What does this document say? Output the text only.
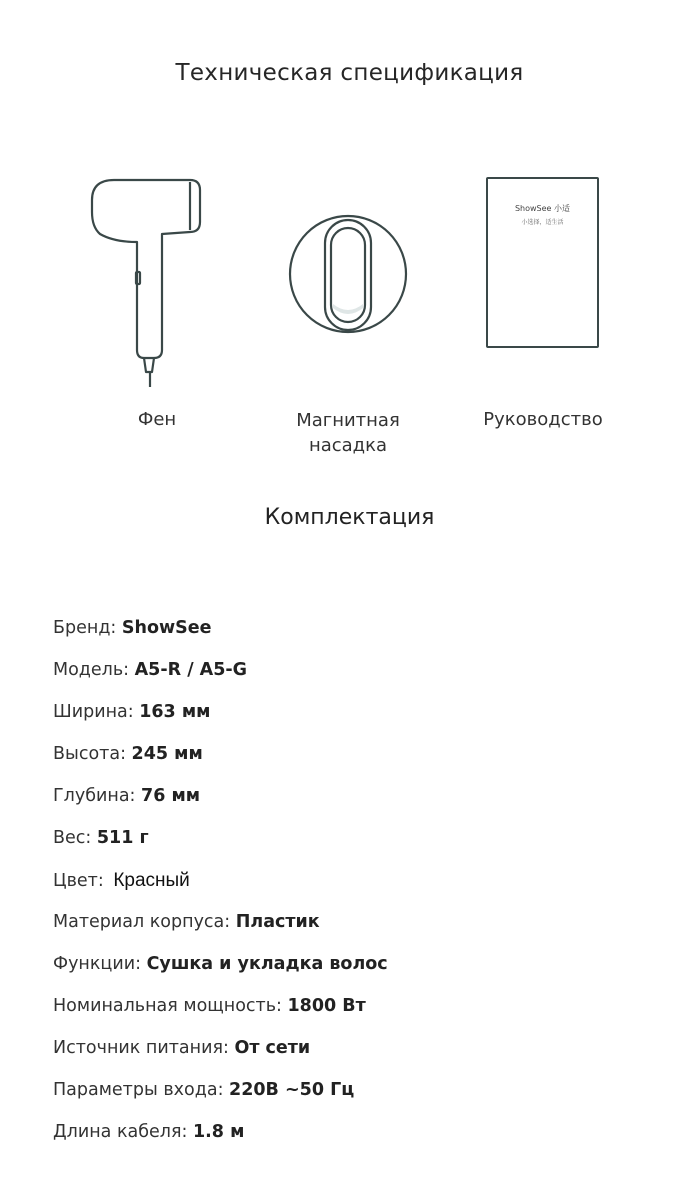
Техническая спецификация
Фен	Магнитная
насадка
ShowSee 小适
小选择，适生活
Руководство
Комплектация
Бренд: ShowSee
Модель: A5-R / A5-G
Ширина: 163 мм
Высота: 245 мм
Глубина: 76 мм
Вес: 511 г
Цвет: Красный
Материал корпуса: Пластик
Функции: Сушка и укладка волос
Номинальная мощность: 1800 Вт
Источник питания: От сети
Параметры входа: 220В ~50 Гц
Длина кабеля: 1.8 м
